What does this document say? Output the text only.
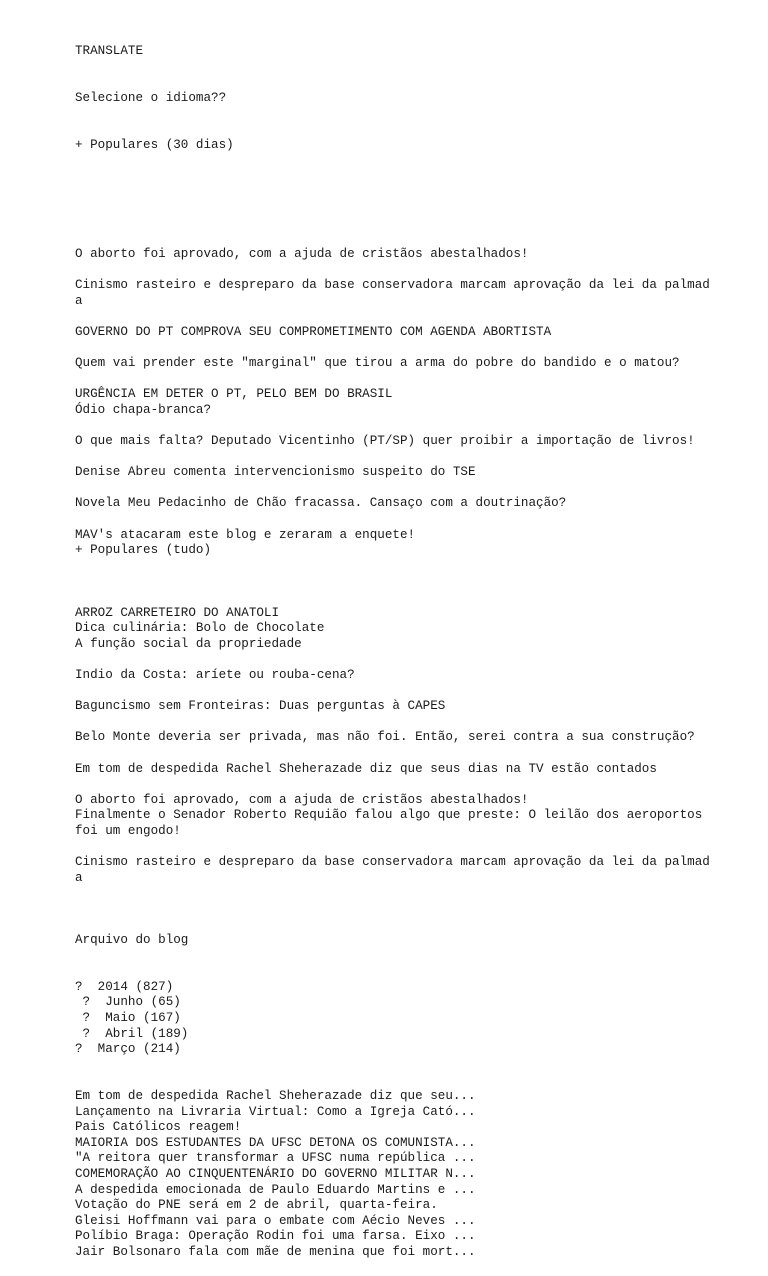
TRANSLATE

Selecione o idioma??

+ Populares (30 dias)

O aborto foi aprovado, com a ajuda de cristãos abestalhados!
Cinismo rasteiro e despreparo da base conservadora marcam aprovação da lei da palmad
a
GOVERNO DO PT COMPROVA SEU COMPROMETIMENTO COM AGENDA ABORTISTA
Quem vai prender este "marginal" que tirou a arma do pobre do bandido e o matou?
URGÊNCIA EM DETER O PT, PELO BEM DO BRASIL
Ódio chapa-branca?
O que mais falta? Deputado Vicentinho (PT/SP) quer proibir a importação de livros!
Denise Abreu comenta intervencionismo suspeito do TSE
Novela Meu Pedacinho de Chão fracassa. Cansaço com a doutrinação?
MAV's atacaram este blog e zeraram a enquete!
+ Populares (tudo)

ARROZ CARRETEIRO DO ANATOLI
Dica culinária: Bolo de Chocolate
A função social da propriedade
Indio da Costa: aríete ou rouba-cena?
Baguncismo sem Fronteiras: Duas perguntas à CAPES
Belo Monte deveria ser privada, mas não foi. Então, serei contra a sua construção?
Em tom de despedida Rachel Sheherazade diz que seus dias na TV estão contados
O aborto foi aprovado, com a ajuda de cristãos abestalhados!
Finalmente o Senador Roberto Requião falou algo que preste: O leilão dos aeroportos
foi um engodo!
Cinismo rasteiro e despreparo da base conservadora marcam aprovação da lei da palmad
a

Arquivo do blog

?  2014 (827)
?  Junho (65)
?  Maio (167)
?  Abril (189)
?  Março (214)

Em tom de despedida Rachel Sheherazade diz que seu...
Lançamento na Livraria Virtual: Como a Igreja Cató...
Pais Católicos reagem!
MAIORIA DOS ESTUDANTES DA UFSC DETONA OS COMUNISTA...
"A reitora quer transformar a UFSC numa república ...
COMEMORAÇÃO AO CINQUENTENÁRIO DO GOVERNO MILITAR N...
A despedida emocionada de Paulo Eduardo Martins e ...
Votação do PNE será em 2 de abril, quarta-feira.
Gleisi Hoffmann vai para o embate com Aécio Neves ...
Políbio Braga: Operação Rodin foi uma farsa. Eixo ...
Jair Bolsonaro fala com mãe de menina que foi mort...
